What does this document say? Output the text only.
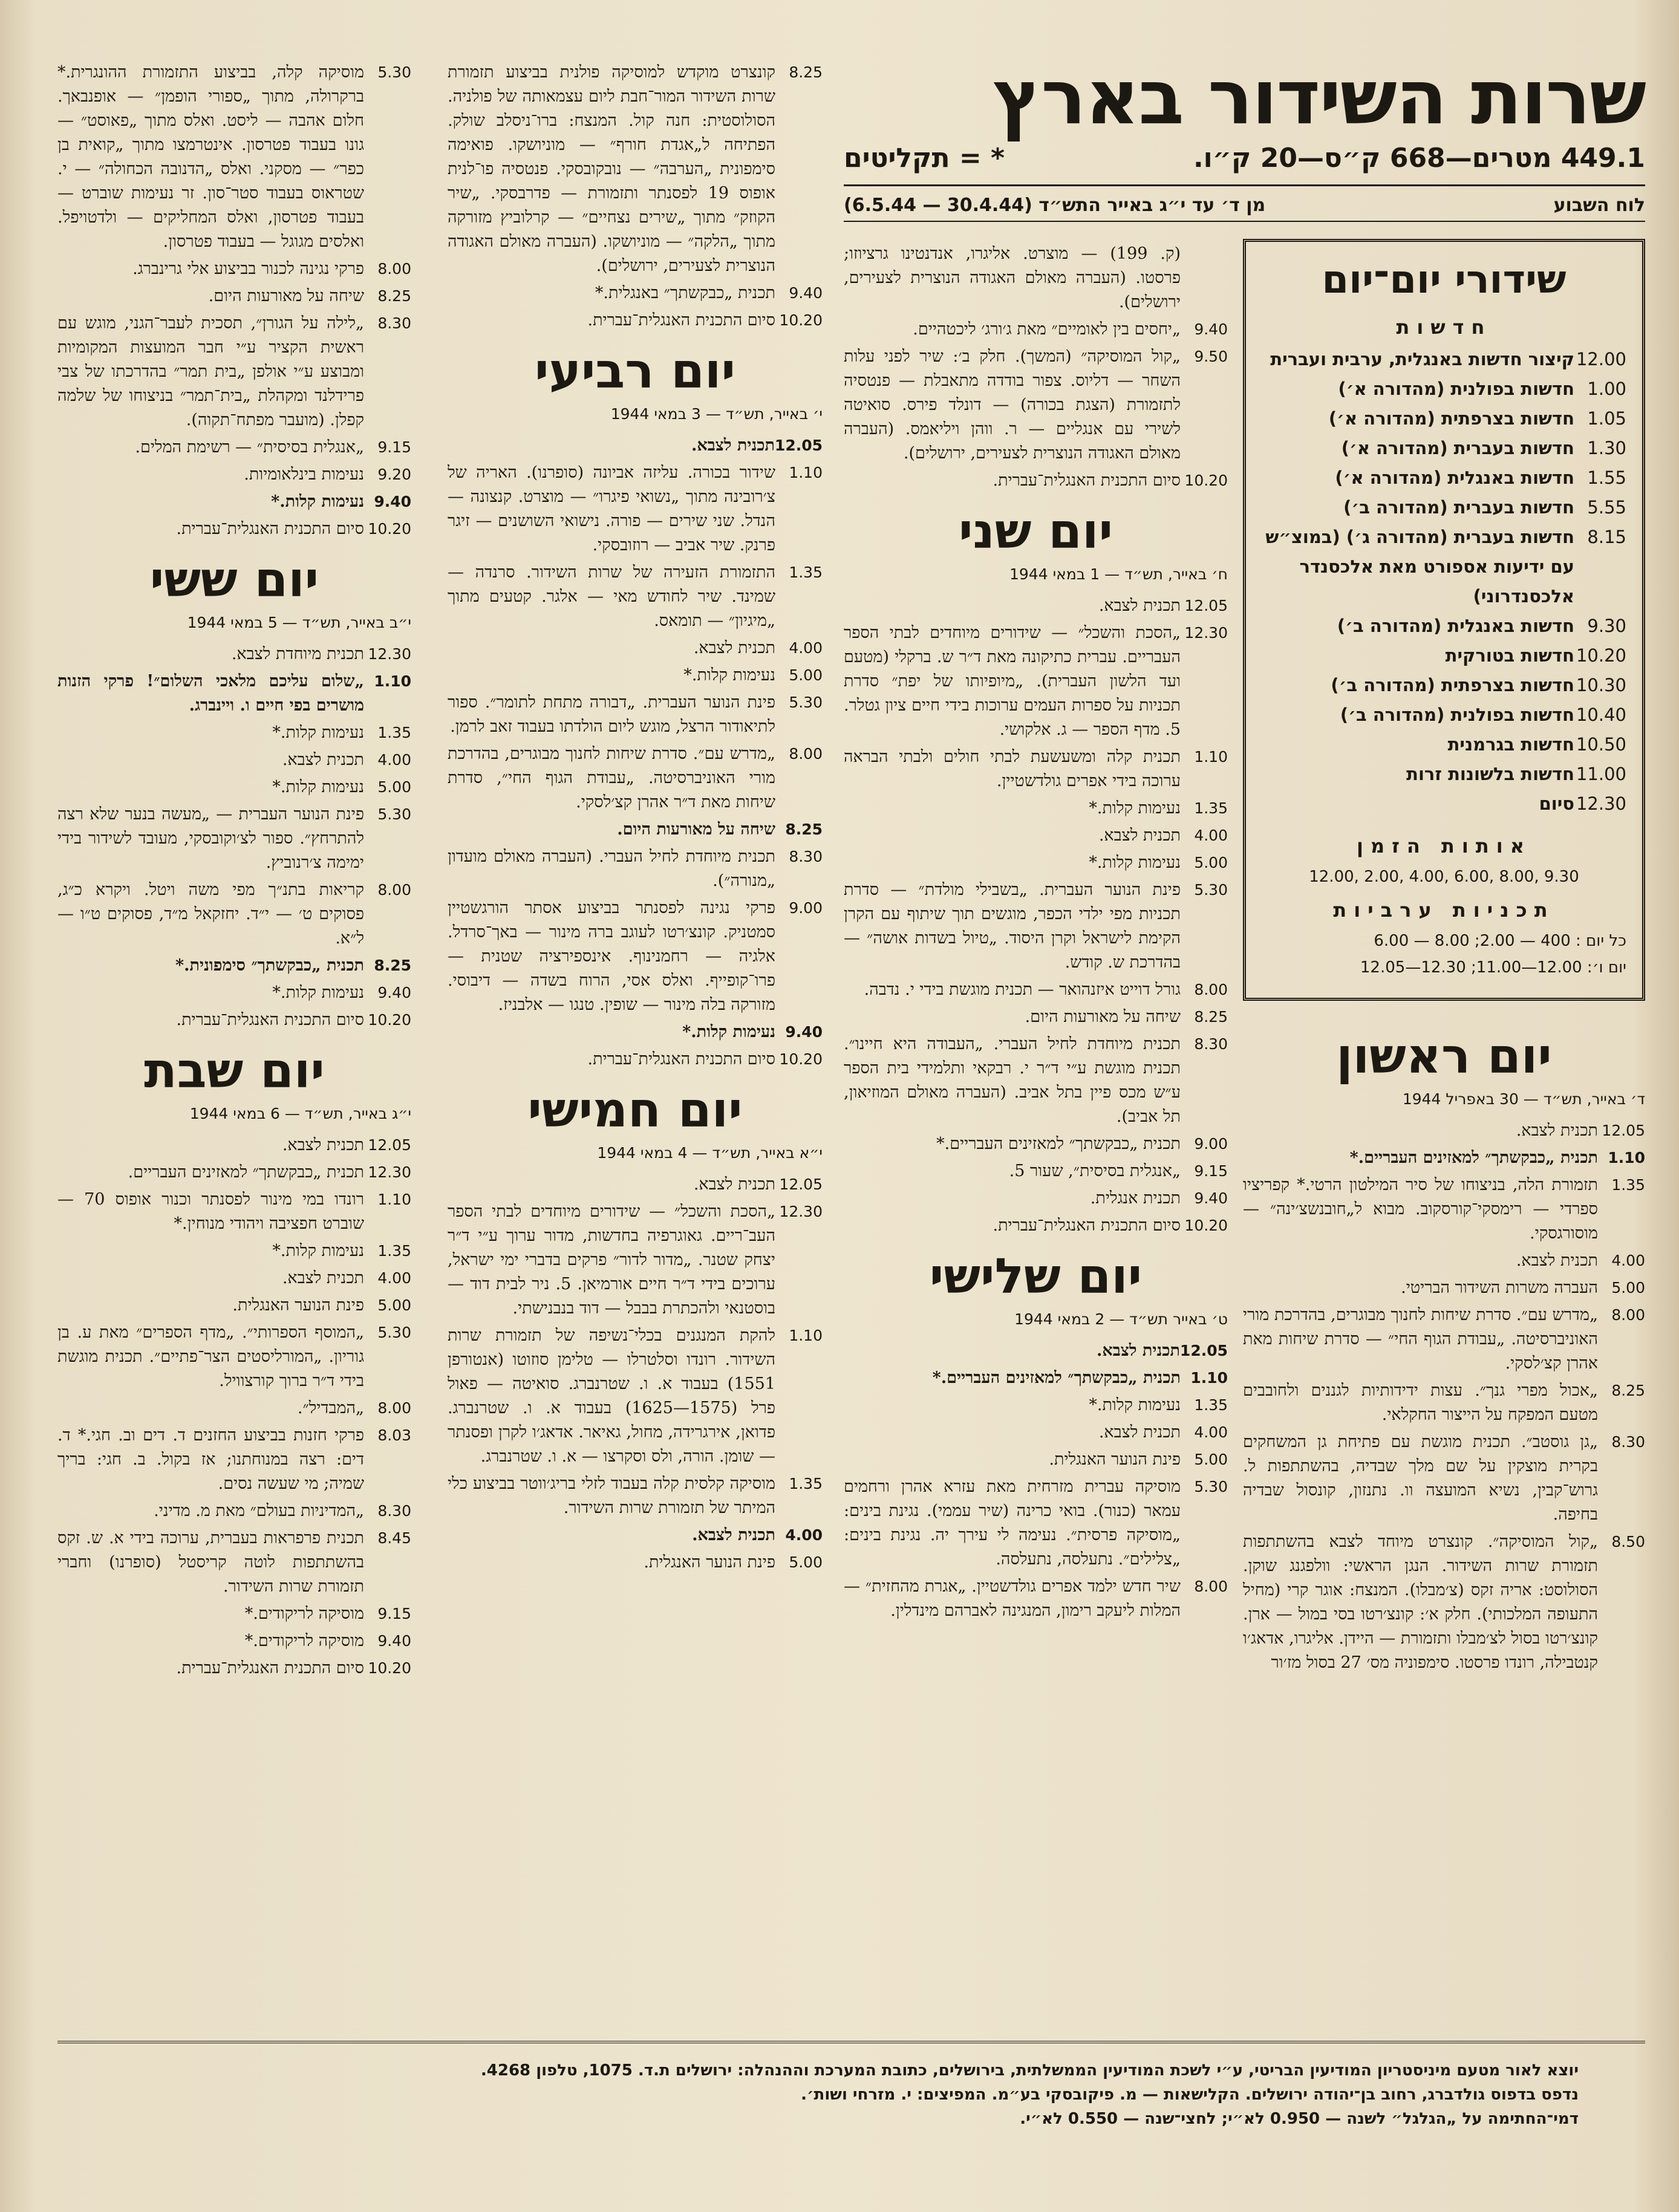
שרות השידור בארץ
449.1 מטרים—668 ק״ס—20 ק״ו.
* = תקליטים
לוח השבוע
מן ד׳ עד י״ג באייר התש״ד (30.4.44 — 6.5.44)
שידורי יום־יום
חדשות
12.00
קיצור חדשות באנגלית, ערבית ועברית
1.00
חדשות בפולנית (מהדורה א׳)
1.05
חדשות בצרפתית (מהדורה א׳)
1.30
חדשות בעברית (מהדורה א׳)
1.55
חדשות באנגלית (מהדורה א׳)
5.55
חדשות בעברית (מהדורה ב׳)
8.15
חדשות בעברית (מהדורה ג׳) (במוצ״ש עם ידיעות אספורט מאת אלכסנדר אלכסנדרוני)
9.30
חדשות באנגלית (מהדורה ב׳)
10.20
חדשות בטורקית
10.30
חדשות בצרפתית (מהדורה ב׳)
10.40
חדשות בפולנית (מהדורה ב׳)
10.50
חדשות בגרמנית
11.00
חדשות בלשונות זרות
12.30
סיום
אותות הזמן
12.00, 2.00, 4.00, 6.00, 8.00, 9.30
תכניות ערביות
כל יום : 400 — 2.00; 8.00 — 6.00
יום ו׳: 12.00—11.00; 12.30—12.05
יום ראשון
ד׳ באייר, תש״ד — 30 באפריל 1944
12.05
תכנית לצבא.
1.10
תכנית „כבקשתך״ למאזינים העבריים.*
1.35
תזמורת הלה, בניצוחו של סיר המילטון הרטי.* קפריציו ספרדי — רימסקי־קורסקוב. מבוא ל„חובנשצ׳ינה״ — מוסורגסקי.
4.00
תכנית לצבא.
5.00
העברה משרות השידור הבריטי.
8.00
„מדרש עם״. סדרת שיחות לחנוך מבוגרים, בהדרכת מורי האוניברסיטה. „עבודת הגוף החי״ — סדרת שיחות מאת אהרן קצ׳לסקי.
8.25
„אכול מפרי גנך״. עצות ידידותיות לגננים ולחובבים מטעם המפקח על הייצור החקלאי.
8.30
„גן גוסטב״. תכנית מוגשת עם פתיחת גן המשחקים בקרית מוצקין על שם מלך שבדיה, בהשתתפות ל. גרוש־קבין, נשיא המועצה וו. נתנזון, קונסול שבדיה בחיפה.
8.50
„קול המוסיקה״. קונצרט מיוחד לצבא בהשתתפות תזמורת שרות השידור. הנגן הראשי: וולפגנג שוקן. הסולוסט: אריה זקס (צ׳מבלו). המנצח: אוגר קרי (מחיל התעופה המלכותי). חלק א׳: קונצ׳רטו בסי במול — ארן. קונצ׳רטו בסול לצ׳מבלו ותזמורת — היידן. אליגרו, אדאג׳ו קנטבילה, רונדו פרסטו. סימפוניה מס׳ 27 בסול מז׳ור
(ק. 199) — מוצרט. אליגרו, אנדנטינו גרציוזו; פרסטו. (העברה מאולם האגודה הנוצרית לצעירים, ירושלים).
9.40
„יחסים בין לאומיים״ מאת ג׳ורג׳ ליכטהיים.
9.50
„קול המוסיקה״ (המשך). חלק ב׳: שיר לפני עלות השחר — דליוס. צפור בודדה מתאבלת — פנטסיה לתזמורת (הצגת בכורה) — דונלד פירס. סואיטה לשירי עם אנגליים — ר. ווהן ויליאמס. (העברה מאולם האגודה הנוצרית לצעירים, ירושלים).
10.20
סיום התכנית האנגלית־עברית.
יום שני
ח׳ באייר, תש״ד — 1 במאי 1944
12.05
תכנית לצבא.
12.30
„הסכת והשכל״ — שידורים מיוחדים לבתי הספר העבריים. עברית כתיקונה מאת ד״ר ש. ברקלי (מטעם ועד הלשון העברית). „מיופיותו של יפת״ סדרת תכניות על ספרות העמים ערוכות בידי חיים ציון גטלר. 5. מדף הספר — ג. אלקושי.
1.10
תכנית קלה ומשעשעת לבתי חולים ולבתי הבראה ערוכה בידי אפרים גולדשטיין.
1.35
נעימות קלות.*
4.00
תכנית לצבא.
5.00
נעימות קלות.*
5.30
פינת הנוער העברית. „בשבילי מולדת״ — סדרת תכניות מפי ילדי הכפר, מוגשים תוך שיתוף עם הקרן הקימת לישראל וקרן היסוד. „טיול בשדות אושה״ — בהדרכת ש. קודש.
8.00
גורל דוייט איזנהואר — תכנית מוגשת בידי י. נדבה.
8.25
שיחה על מאורעות היום.
8.30
תכנית מיוחדת לחיל העברי. „העבודה היא חיינו״. תכנית מוגשת ע״י ד״ר י. רבקאי ותלמידי בית הספר ע״ש מכס פיין בתל אביב. (העברה מאולם המוזיאון, תל אביב).
9.00
תכנית „כבקשתך״ למאזינים העבריים.*
9.15
„אנגלית בסיסית״, שעור 5.
9.40
תכנית אנגלית.
10.20
סיום התכנית האנגלית־עברית.
יום שלישי
ט׳ באייר תש״ד — 2 במאי 1944
12.05
תכנית לצבא.
1.10
תכנית „כבקשתך״ למאזינים העבריים.*
1.35
נעימות קלות.*
4.00
תכנית לצבא.
5.00
פינת הנוער האנגלית.
5.30
מוסיקה עברית מזרחית מאת עזרא אהרן ורחמים עמאר (כנור). בואי כרינה (שיר עממי). נגינת בינים: „מוסיקה פרסית״. נעימה לי עירך יה. נגינת בינים: „צלילים״. נתעלסה, נתעלסה.
8.00
שיר חדש ילמד אפרים גולדשטיין. „אגרת מהחזית״ — המלות ליעקב רימון, המנגינה לאברהם מינדלין.
8.25
קונצרט מוקדש למוסיקה פולנית בביצוע תזמורת שרות השידור המור־חבת ליום עצמאותה של פולניה. הסולוסטית: חנה קול. המנצח: ברו־ניסלב שולק. הפתיחה ל„אגדת חורף״ — מוניושקו. פואימה סימפונית „הערבה״ — נובקובסקי. פנטסיה פו־לנית אופוס 19 לפסנתר ותזמורת — פדרבסקי. „שיר הקוזק״ מתוך „שירים נצחיים״ — קרלוביץ מזורקה מתוך „הלקה״ — מוניושקו. (העברה מאולם האגודה הנוצרית לצעירים, ירושלים).
9.40
תכנית „כבקשתך״ באנגלית.*
10.20
סיום התכנית האנגלית־עברית.
יום רביעי
י׳ באייר, תש״ד — 3 במאי 1944
12.05
תכנית לצבא.
1.10
שידור בכורה. עליזה אביונה (סופרנו). האריה של צ׳רובינה מתוך „נשואי פיגרו״ — מוצרט. קנצונה — הנדל. שני שירים — פורה. נישואי השושנים — זיגר פרנק. שיר אביב — רוזובסקי.
1.35
התזמורת הזעירה של שרות השידור. סרנדה — שמינד. שיר לחודש מאי — אלגר. קטעים מתוך „מיגיון״ — תומאס.
4.00
תכנית לצבא.
5.00
נעימות קלות.*
5.30
פינת הנוער העברית. „דבורה מתחת לתומר״. ספור לתיאודור הרצל, מוגש ליום הולדתו בעבוד זאב לרמן.
8.00
„מדרש עם״. סדרת שיחות לחנוך מבוגרים, בהדרכת מורי האוניברסיטה. „עבודת הגוף החי״, סדרת שיחות מאת ד״ר אהרן קצ׳לסקי.
8.25
שיחה על מאורעות היום.
8.30
תכנית מיוחדת לחיל העברי. (העברה מאולם מועדון „מנורה״).
9.00
פרקי נגינה לפסנתר בביצוע אסתר הורגשטיין סמטניק. קונצ׳רטו לעוגב ברה מינור — באך־סרדל. אלגיה — רחמנינוף. אינספירציה שטנית — פרו־קופייף. ואלס אסי, הרוח בשדה — דיבוסי. מזורקה בלה מינור — שופין. טנגו — אלבניז.
9.40
נעימות קלות.*
10.20
סיום התכנית האנגלית־עברית.
יום חמישי
י״א באייר, תש״ד — 4 במאי 1944
12.05
תכנית לצבא.
12.30
„הסכת והשכל״ — שידורים מיוחדים לבתי הספר העב־ריים. גאוגרפיה בחדשות, מדור ערוך ע״י ד״ר יצחק שטנר. „מדור לדור״ פרקים בדברי ימי ישראל, ערוכים בידי ד״ר חיים אורמיאן. 5. ניר לבית דוד — בוסטנאי ולהכתרת בבבל — דוד בנבנישתי.
1.10
להקת המנגנים בכלי־נשיפה של תזמורת שרות השידור. רונדו וסלטרלו — טלימן סוזוטו (אנטורפן 1551) בעבוד א. ו. שטרנברג. סואיטה — פאול פרל (1575—1625) בעבוד א. ו. שטרנברג. פדואן, אירגרידה, מחול, גאיאר. אדאג׳ו לקרן ופסנתר — שומן. הורה, ולס וסקרצו — א. ו. שטרנברג.
1.35
מוסיקה קלסית קלה בעבוד לזלי בריג׳ווטר בביצוע כלי המיתר של תזמורת שרות השידור.
4.00
תכנית לצבא.
5.00
פינת הנוער האנגלית.
5.30
מוסיקה קלה, בביצוע התזמורת ההונגרית.* ברקרולה, מתוך „ספורי הופמן״ — אופנבאך. חלום אהבה — ליסט. ואלס מתוך „פאוסט״ — גונו בעבוד פטרסון. אינטרמצו מתוך „קואית בן כפר״ — מסקני. ואלס „הדנובה הכחולה״ — י. שטראוס בעבוד סטר־סון. זר נעימות שוברט — בעבוד פטרסון, ואלס המחליקים — ולדטויפל. ואלסים מגוגל — בעבוד פטרסון.
8.00
פרקי נגינה לכנור בביצוע אלי גרינברג.
8.25
שיחה על מאורעות היום.
8.30
„לילה על הגורן״, תסכית לעבר־הגני, מוגש עם ראשית הקציר ע״י חבר המועצות המקומיות ומבוצע ע״י אולפן „בית תמר״ בהדרכתו של צבי פרידלנד ומקהלת „בית־תמר״ בניצוחו של שלמה קפלן. (מועבר מפתח־תקוה).
9.15
„אנגלית בסיסית״ — רשימת המלים.
9.20
נעימות בינלאומיות.
9.40
נעימות קלות.*
10.20
סיום התכנית האנגלית־עברית.
יום ששי
י״ב באייר, תש״ד — 5 במאי 1944
12.30
תכנית מיוחדת לצבא.
1.10
„שלום עליכם מלאכי השלום״! פרקי הזנות מושרים בפי חיים ו. ויינברג.
1.35
נעימות קלות.*
4.00
תכנית לצבא.
5.00
נעימות קלות.*
5.30
פינת הנוער העברית — „מעשה בנער שלא רצה להתרחץ״. ספור לצ׳וקובסקי, מעובד לשידור בידי ימימה צ׳רנוביץ.
8.00
קריאות בתנ״ך מפי משה ויטל. ויקרא כ״ג, פסוקים ט׳ — י״ד. יחזקאל מ״ד, פסוקים ט״ו — ל״א.
8.25
תכנית „כבקשתך״ סימפונית.*
9.40
נעימות קלות.*
10.20
סיום התכנית האנגלית־עברית.
יום שבת
י״ג באייר, תש״ד — 6 במאי 1944
12.05
תכנית לצבא.
12.30
תכנית „כבקשתך״ למאזינים העבריים.
1.10
רונדו במי מינור לפסנתר וכנור אופוס 70 — שוברט חפציבה ויהודי מנוחין.*
1.35
נעימות קלות.*
4.00
תכנית לצבא.
5.00
פינת הנוער האנגלית.
5.30
„המוסף הספרותי״. „מדף הספרים״ מאת ע. בן גוריון. „המורליסטים הצר־פתיים״. תכנית מוגשת בידי ד״ר ברוך קורצוויל.
8.00
„המבדיל״.
8.03
פרקי חזנות בביצוע החזנים ד. דים וב. חגי.* ד. דים: רצה במנוחתנו; אז בקול. ב. חגי: בריך שמיה; מי שעשה נסים.
8.30
„המדיניות בעולם״ מאת מ. מדיני.
8.45
תכנית פרפראות בעברית, ערוכה בידי א. ש. זקס בהשתתפות לוטה קריסטל (סופרנו) וחברי תזמורת שרות השידור.
9.15
מוסיקה לריקודים.*
9.40
מוסיקה לריקודים.*
10.20
סיום התכנית האנגלית־עברית.
יוצא לאור מטעם מיניסטריון המודיעין הבריטי, ע״י לשכת המודיעין הממשלתית, בירושלים, כתובת המערכת וההנהלה: ירושלים ת.ד. 1075, טלפון 4268.
נדפס בדפוס גולדברג, רחוב בן־יהודה ירושלים. הקלישאות — מ. פיקובסקי בע״מ. המפיצים: י. מזרחי ושות׳.
דמי־החתימה על „הגלגל״ לשנה — 0.950 לא״י; לחצי־שנה — 0.550 לא״י.
